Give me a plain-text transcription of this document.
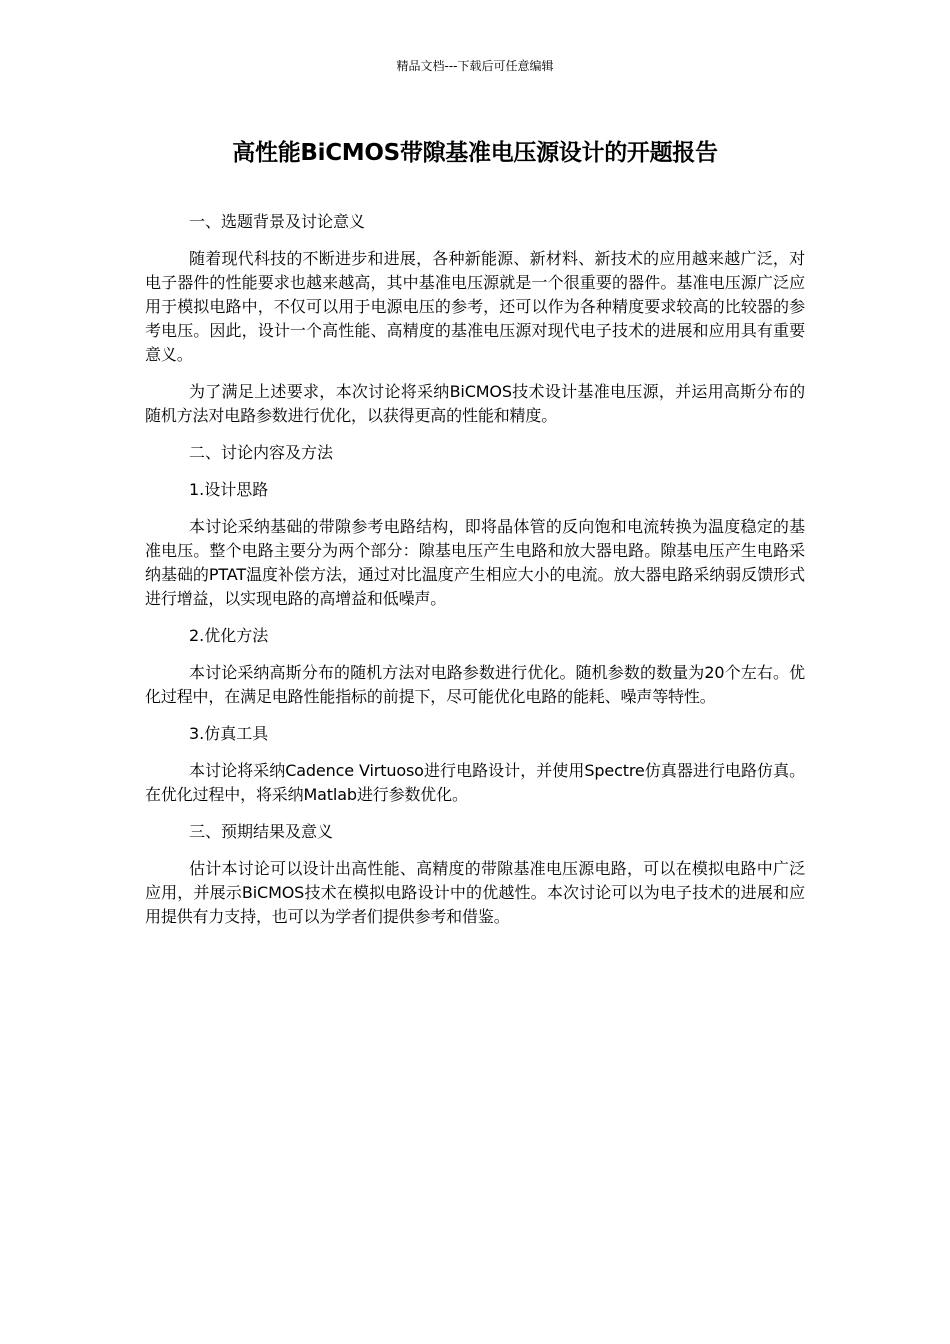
精品文档---下载后可任意编辑
高性能BiCMOS带隙基准电压源设计的开题报告

一、选题背景及讨论意义

随着现代科技的不断进步和进展，各种新能源、新材料、新技术的应用越来越广泛，对电子器件的性能要求也越来越高，其中基准电压源就是一个很重要的器件。基准电压源广泛应用于模拟电路中，不仅可以用于电源电压的参考，还可以作为各种精度要求较高的比较器的参考电压。因此，设计一个高性能、高精度的基准电压源对现代电子技术的进展和应用具有重要意义。

为了满足上述要求，本次讨论将采纳BiCMOS技术设计基准电压源，并运用高斯分布的随机方法对电路参数进行优化，以获得更高的性能和精度。

二、讨论内容及方法

1.设计思路

本讨论采纳基础的带隙参考电路结构，即将晶体管的反向饱和电流转换为温度稳定的基准电压。整个电路主要分为两个部分：隙基电压产生电路和放大器电路。隙基电压产生电路采纳基础的PTAT温度补偿方法，通过对比温度产生相应大小的电流。放大器电路采纳弱反馈形式进行增益，以实现电路的高增益和低噪声。

2.优化方法

本讨论采纳高斯分布的随机方法对电路参数进行优化。随机参数的数量为20个左右。优化过程中，在满足电路性能指标的前提下，尽可能优化电路的能耗、噪声等特性。

3.仿真工具

本讨论将采纳Cadence Virtuoso进行电路设计，并使用Spectre仿真器进行电路仿真。在优化过程中，将采纳Matlab进行参数优化。

三、预期结果及意义

估计本讨论可以设计出高性能、高精度的带隙基准电压源电路，可以在模拟电路中广泛应用，并展示BiCMOS技术在模拟电路设计中的优越性。本次讨论可以为电子技术的进展和应用提供有力支持，也可以为学者们提供参考和借鉴。
